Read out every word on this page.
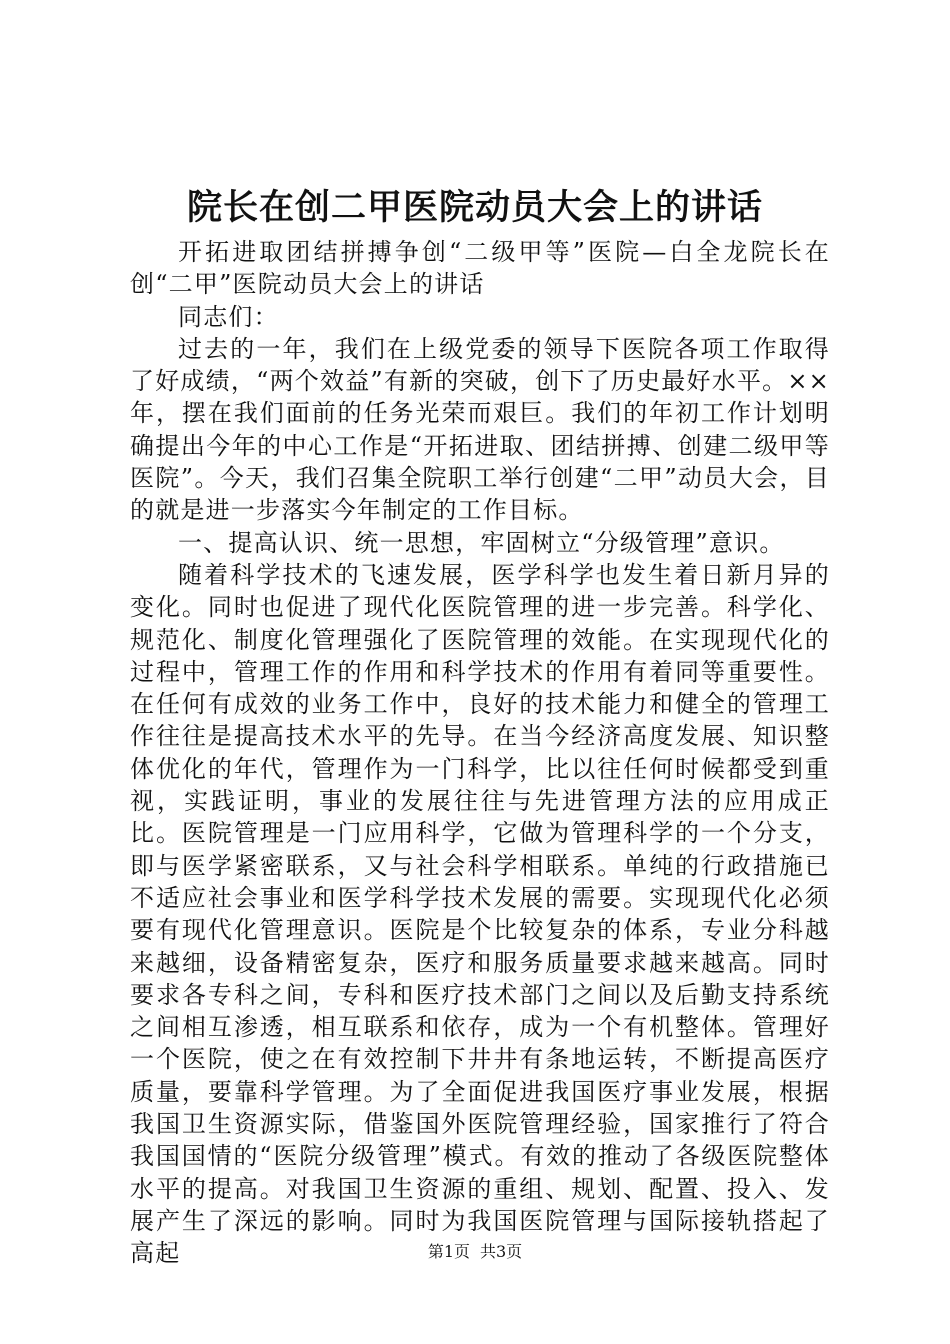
院长在创二甲医院动员大会上的讲话

开拓进取团结拼搏争创“二级甲等”医院—白全龙院长在创“二甲”医院动员大会上的讲话

同志们：

过去的一年，我们在上级党委的领导下医院各项工作取得了好成绩，“两个效益”有新的突破，创下了历史最好水平。××年，摆在我们面前的任务光荣而艰巨。我们的年初工作计划明确提出今年的中心工作是“开拓进取、团结拼搏、创建二级甲等医院”。今天，我们召集全院职工举行创建“二甲”动员大会，目的就是进一步落实今年制定的工作目标。

一、提高认识、统一思想，牢固树立“分级管理”意识。

随着科学技术的飞速发展，医学科学也发生着日新月异的变化。同时也促进了现代化医院管理的进一步完善。科学化、规范化、制度化管理强化了医院管理的效能。在实现现代化的过程中，管理工作的作用和科学技术的作用有着同等重要性。在任何有成效的业务工作中，良好的技术能力和健全的管理工作往往是提高技术水平的先导。在当今经济高度发展、知识整体优化的年代，管理作为一门科学，比以往任何时候都受到重视，实践证明，事业的发展往往与先进管理方法的应用成正比。医院管理是一门应用科学，它做为管理科学的一个分支，即与医学紧密联系，又与社会科学相联系。单纯的行政措施已不适应社会事业和医学科学技术发展的需要。实现现代化必须要有现代化管理意识。医院是个比较复杂的体系，专业分科越来越细，设备精密复杂，医疗和服务质量要求越来越高。同时要求各专科之间，专科和医疗技术部门之间以及后勤支持系统之间相互渗透，相互联系和依存，成为一个有机整体。管理好一个医院，使之在有效控制下井井有条地运转，不断提高医疗质量，要靠科学管理。为了全面促进我国医疗事业发展，根据我国卫生资源实际，借鉴国外医院管理经验，国家推行了符合我国国情的“医院分级管理”模式。有效的推动了各级医院整体水平的提高。对我国卫生资源的重组、规划、配置、投入、发展产生了深远的影响。同时为我国医院管理与国际接轨搭起了高起	第1页 共3页
